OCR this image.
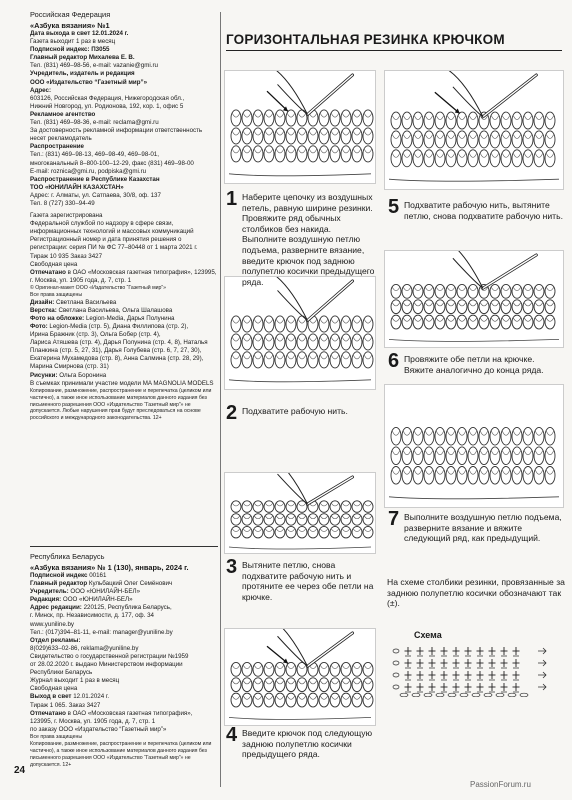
Российская Федерация
«Азбука вязания» №1

Дата выхода в свет 12.01.2024 г.

Газета выходит 1 раз в месяц

Подписной индекс: П3055

Главный редактор Михалева Е. В.

Тел. (831) 469–98-56, e-mail: vazanie@gmi.ru

Учредитель, издатель и редакция

ООО «Издательство “Газетный мир”»

Адрес:

603126, Российская Федерация, Нижегородская обл.,

Нижний Новгород, ул. Родионова, 192, кор. 1, офис 5

Рекламное агентство

Тел. (831) 469–98-36, e-mail: reclama@gmi.ru

За достоверность рекламной информации ответственность несет рекламодатель

Распространение

Тел.: (831) 469–98-13, 469–98-49, 469–98-01,

многоканальный 8–800-100–12-29, факс (831) 469–98-00

E-mail: rozniса@gmi.ru, podpiska@gmi.ru

Распространение в Республике Казахстан

ТОО «ЮНИЛАЙН КАЗАХСТАН»

Адрес: г. Алматы, ул. Сатпаева, 30/8, оф. 137

Тел. 8 (727) 330–94-49

Газета зарегистрирована

Федеральной службой по надзору в сфере связи, информационных технологий и массовых коммуникаций

Регистрационный номер и дата принятия решения о регистрации: серия ПИ № ФС 77–80448 от 1 марта 2021 г.

Тираж 10 935 Заказ 3427

Свободная цена

Отпечатано в ОАО «Московская газетная типография», 123995, г. Москва, ул. 1905 года, д. 7, стр. 1

© Оригинал-макет ООО «Издательство “Газетный мир”»

Все права защищены

Дизайн: Светлана Васильева

Верстка: Светлана Васильева, Ольга Шалашова

Фото на обложке: Legion-Media, Дарья Полунина

Фото: Legion-Media (стр. 5), Диана Филлипова (стр. 2),

Ирина Бражник (стр. 3), Ольга Бобер (стр. 4),

Лариса Атяшева (стр. 4), Дарья Полунина (стр. 4, 8), Наталья

Планкина (стр. 5, 27, 31), Дарья Голубева (стр. 6, 7, 27, 30),

Екатерина Мухамедова (стр. 8), Анна Салмина (стр. 28, 29),

Марина Смирнова (стр. 31)

Рисунки: Ольга Боронина

В съемках принимали участие модели MA MAGNOLIA MODELS

Копирование, размножение, распространение и перепечатка (целиком или частично), а также иное использование материалов данного издания без письменного разрешения ООО «Издательство “Газетный мир”» не допускается. Любые нарушения прав будут преследоваться на основе российского и международного законодательства. 12+

Республика Беларусь
«Азбука вязания» № 1 (130), январь, 2024 г.

Подписной индекс 00161

Главный редактор Кульбацкий Олег Семёнович

Учредитель: ООО «ЮНИЛАЙН-БЕЛ»

Редакция: ООО «ЮНИЛАЙН-БЕЛ»

Адрес редакции: 220125, Республика Беларусь,

г. Минск, пр. Независимости, д. 177, оф. 34

www.yuniline.by

Тел.: (017)394–81-11, e-mail: manager@yuniline.by

Отдел рекламы:

8(029)633–02-86, reklama@yuniline.by

Свидетельство о государственной регистрации №1959

от 28.02.2020 г. выдано Министерством информации

Республики Беларусь

Журнал выходит 1 раз в месяц

Свободная цена

Выход в свет 12.01.2024 г.

Тираж 1 065. Заказ 3427

Отпечатано в ОАО «Московская газетная типография»,

123995, г. Москва, ул. 1905 года, д. 7, стр. 1

по заказу ООО «Издательство “Газетный мир”»

Все права защищены

Копирование, размножение, распространение и перепечатка (целиком или частично), а также иное использование материалов данного издания без письменного разрешения ООО «Издательство “Газетный мир”» не допускается. 12+

24
PassionForum.ru
ГОРИЗОНТАЛЬНАЯ РЕЗИНКА КРЮЧКОМ
1 Наберите цепочку из воздушных петель, равную ширине резинки. Провяжите ряд обычных столбиков без накида. Выполните воздушную петлю подъема, разверните вязание, введите крючок под заднюю полупетлю косички предыдущего ряда.
2 Подхватите рабочую нить.
3 Вытяните петлю, снова подхватите рабочую нить и протяните ее через обе петли на крючке.
4 Введите крючок под следующую заднюю полупетлю косички предыдущего ряда.
5 Подхватите рабочую нить, вытяните петлю, снова подхватите рабочую нить.
6 Провяжите обе петли на крючке. Вяжите аналогично до конца ряда.
7 Выполните воздушную петлю подъема, разверните вязание и вяжите следующий ряд, как предыдущий.
На схеме столбики резинки, провязанные за заднюю полупетлю косички обозначают так (±).
Схема
